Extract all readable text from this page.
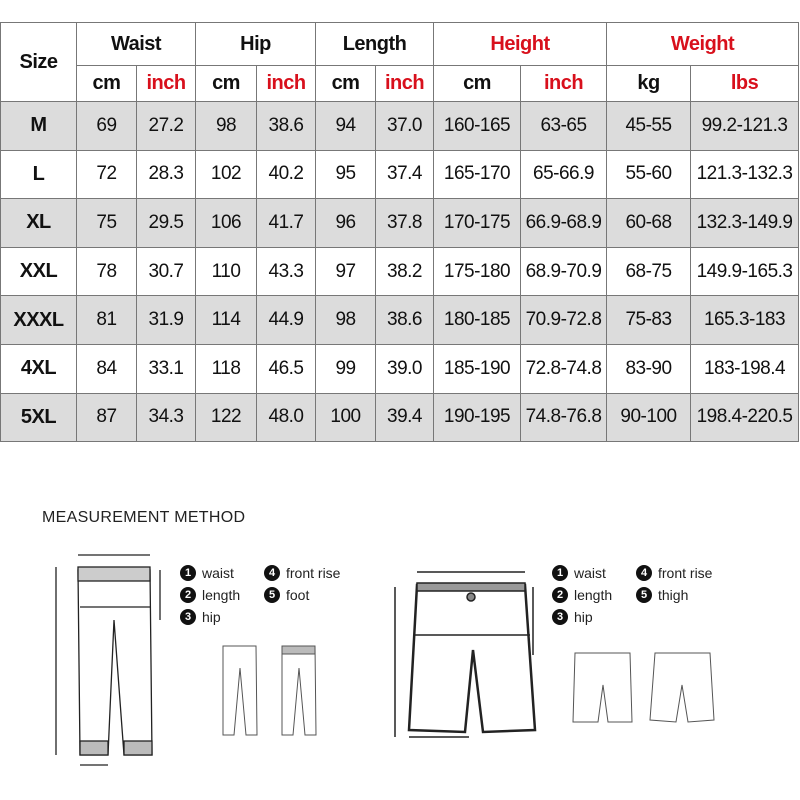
Size	Waist		Hip		Length		Height		Weight	
	cm	inch	cm	inch	cm	inch	cm	inch	kg	lbs
M	69	27.2	98	38.6	94	37.0	160-165	63-65	45-55	99.2-121.3
L	72	28.3	102	40.2	95	37.4	165-170	65-66.9	55-60	121.3-132.3
XL	75	29.5	106	41.7	96	37.8	170-175	66.9-68.9	60-68	132.3-149.9
XXL	78	30.7	110	43.3	97	38.2	175-180	68.9-70.9	68-75	149.9-165.3
XXXL	81	31.9	114	44.9	98	38.6	180-185	70.9-72.8	75-83	165.3-183
4XL	84	33.1	118	46.5	99	39.0	185-190	72.8-74.8	83-90	183-198.4
5XL	87	34.3	122	48.0	100	39.4	190-195	74.8-76.8	90-100	198.4-220.5
MEASUREMENT METHOD
1 waist
2 length
3 hip
4 front rise
5 foot
1 waist
2 length
3 hip
4 front rise
5 thigh
